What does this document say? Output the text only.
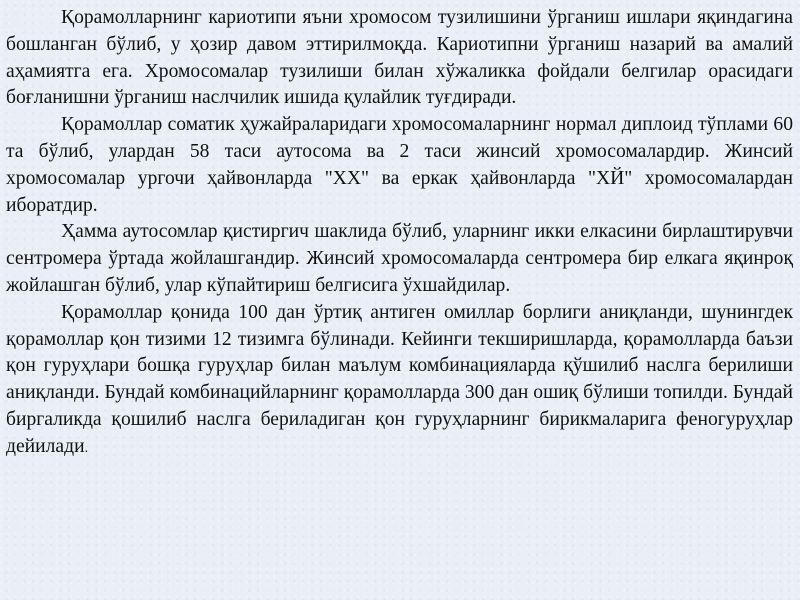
Қорамолларнинг кариотипи яъни хромосом тузилишини ўрганиш ишлари яқиндагина бошланган бўлиб, у ҳозир давом эттирилмоқда. Кариотипни ўрганиш назарий ва амалий аҳамиятга ега. Хромосомалар тузилиши билан хўжаликка фойдали белгилар орасидаги боғланишни ўрганиш наслчилик ишида қулайлик туғдиради.

Қорамоллар соматик ҳужайраларидаги хромосомаларнинг нормал диплоид тўплами 60 та бўлиб, улардан 58 таси аутосома ва 2 таси жинсий хромосомалардир. Жинсий хромосомалар ургочи ҳайвонларда "XX" ва еркак ҳайвонларда "XЙ" хромосомалардан иборатдир.

Ҳамма аутосомлар қистиргич шаклида бўлиб, уларнинг икки елкасини бирлаштирувчи сентромера ўртада жойлашгандир. Жинсий хромосомаларда сентромера бир елкага яқинроқ жойлашган бўлиб, улар кўпайтириш белгисига ўхшайдилар.

Қорамоллар қонида 100 дан ўртиқ антиген омиллар борлиги аниқланди, шунингдек қорамоллар қон тизими 12 тизимга бўлинади. Кейинги текширишларда, қорамолларда баъзи қон гуруҳлари бошқа гуруҳлар билан маълум комбинацияларда қўшилиб наслга берилиши аниқланди. Бундай комбинацийларнинг қорамолларда 300 дан ошиқ бўлиши топилди. Бундай биргаликда қошилиб наслга бериладиган қон гуруҳларнинг бирикмаларига феногуруҳлар дейилади.
